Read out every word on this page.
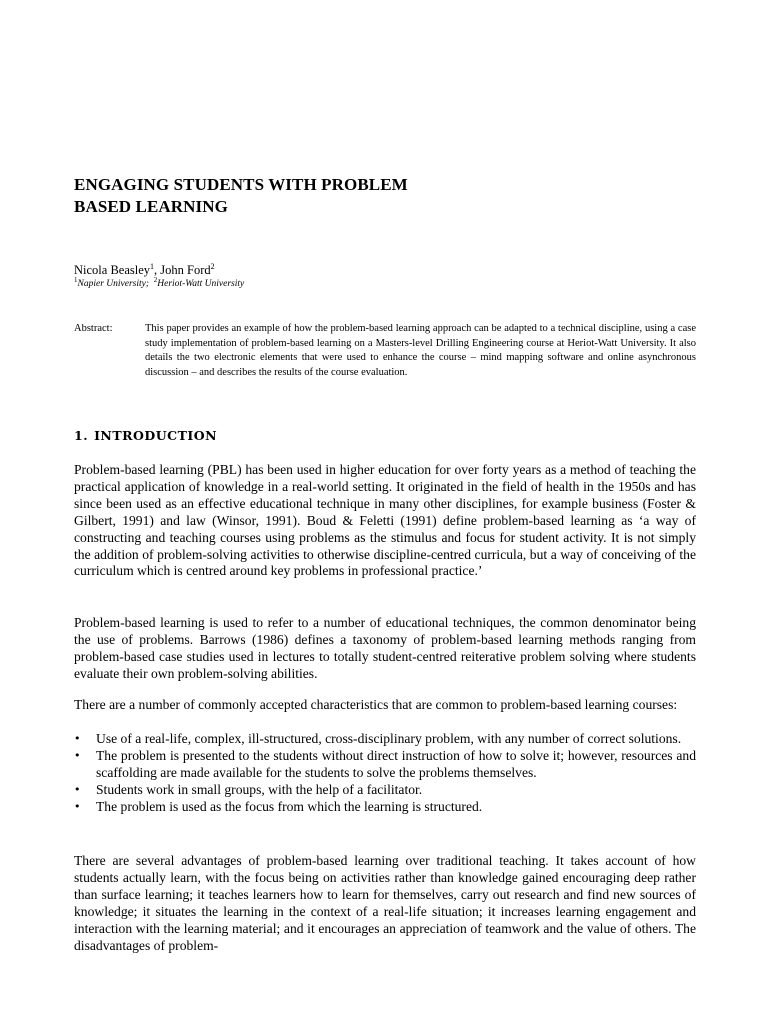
ENGAGING STUDENTS WITH PROBLEM
BASED LEARNING
Nicola Beasley$^1$, John Ford$^2$
$^1$Napier University; $^2$Heriot-Watt University
Abstract:	This paper provides an example of how the problem-based learning approach can be adapted to a technical discipline, using a case study implementation of problem-based learning on a Masters-level Drilling Engineering course at Heriot-Watt University. It also details the two electronic elements that were used to enhance the course – mind mapping software and online asynchronous discussion – and describes the results of the course evaluation.
1. INTRODUCTION

Problem-based learning (PBL) has been used in higher education for over forty years as a method of teaching the practical application of knowledge in a real-world setting. It originated in the field of health in the 1950s and has since been used as an effective educational technique in many other disciplines, for example business (Foster & Gilbert, 1991) and law (Winsor, 1991). Boud & Feletti (1991) define problem-based learning as ‘a way of constructing and teaching courses using problems as the stimulus and focus for student activity. It is not simply the addition of problem-solving activities to otherwise discipline-centred curricula, but a way of conceiving of the curriculum which is centred around key problems in professional practice.’

Problem-based learning is used to refer to a number of educational techniques, the common denominator being the use of problems. Barrows (1986) defines a taxonomy of problem-based learning methods ranging from problem-based case studies used in lectures to totally student-centred reiterative problem solving where students evaluate their own problem-solving abilities.

There are a number of commonly accepted characteristics that are common to problem-based learning courses:

•	Use of a real-life, complex, ill-structured, cross-disciplinary problem, with any number of correct solutions.
•	The problem is presented to the students without direct instruction of how to solve it; however, resources and scaffolding are made available for the students to solve the problems themselves.
•	Students work in small groups, with the help of a facilitator.
•	The problem is used as the focus from which the learning is structured.

There are several advantages of problem-based learning over traditional teaching. It takes account of how students actually learn, with the focus being on activities rather than knowledge gained encouraging deep rather than surface learning; it teaches learners how to learn for themselves, carry out research and find new sources of knowledge; it situates the learning in the context of a real-life situation; it increases learning engagement and interaction with the learning material; and it encourages an appreciation of teamwork and the value of others. The disadvantages of problem-
